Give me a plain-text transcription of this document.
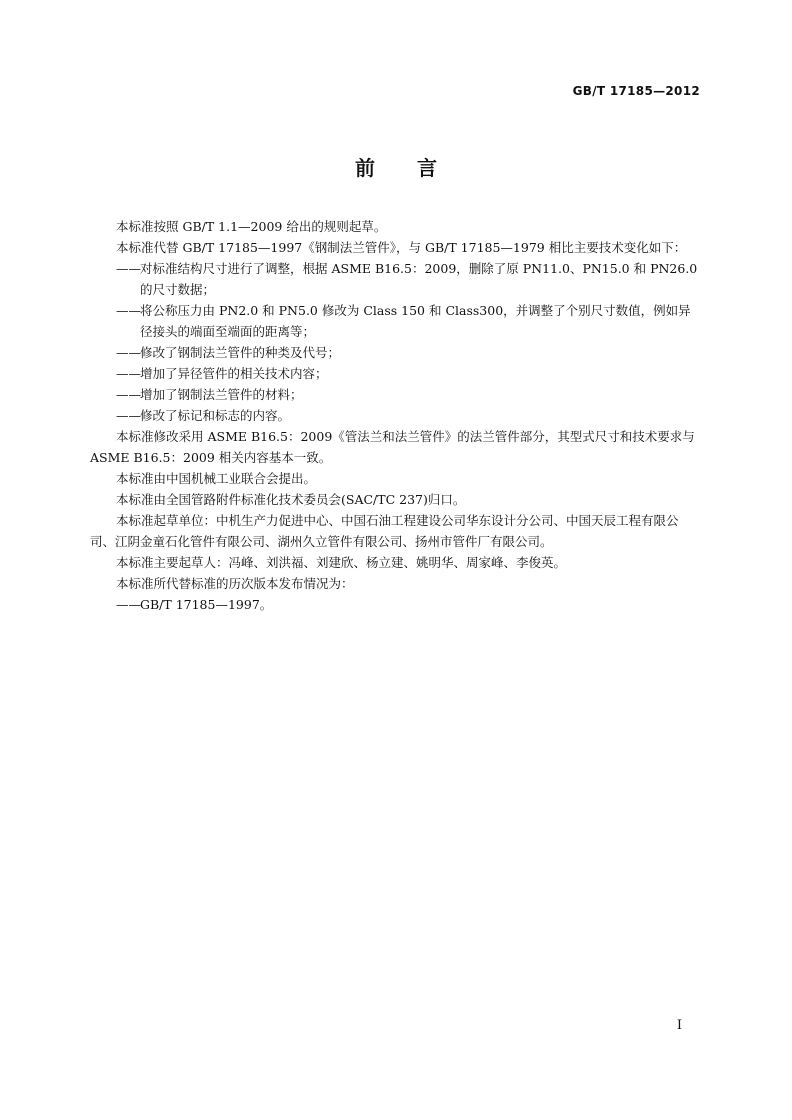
GB/T 17185—2012
前言

本标准按照 GB/T 1.1—2009 给出的规则起草。

本标准代替 GB/T 17185—1997《钢制法兰管件》，与 GB/T 17185—1979 相比主要技术变化如下：

—— 对标准结构尺寸进行了调整，根据 ASME B16.5：2009，删除了原 PN11.0、PN15.0 和 PN26.0 的尺寸数据；

—— 将公称压力由 PN2.0 和 PN5.0 修改为 Class 150 和 Class300，并调整了个别尺寸数值，例如异径接头的端面至端面的距离等；

—— 修改了钢制法兰管件的种类及代号；

—— 增加了异径管件的相关技术内容；

—— 增加了钢制法兰管件的材料；

—— 修改了标记和标志的内容。

本标准修改采用 ASME B16.5：2009《管法兰和法兰管件》的法兰管件部分，其型式尺寸和技术要求与 ASME B16.5：2009 相关内容基本一致。

本标准由中国机械工业联合会提出。

本标准由全国管路附件标准化技术委员会(SAC/TC 237)归口。

本标准起草单位：中机生产力促进中心、中国石油工程建设公司华东设计分公司、中国天辰工程有限公司、江阴金童石化管件有限公司、湖州久立管件有限公司、扬州市管件厂有限公司。

本标准主要起草人：冯峰、刘洪福、刘建欣、杨立建、姚明华、周家峰、李俊英。

本标准所代替标准的历次版本发布情况为：

—— GB/T 17185—1997。

I
